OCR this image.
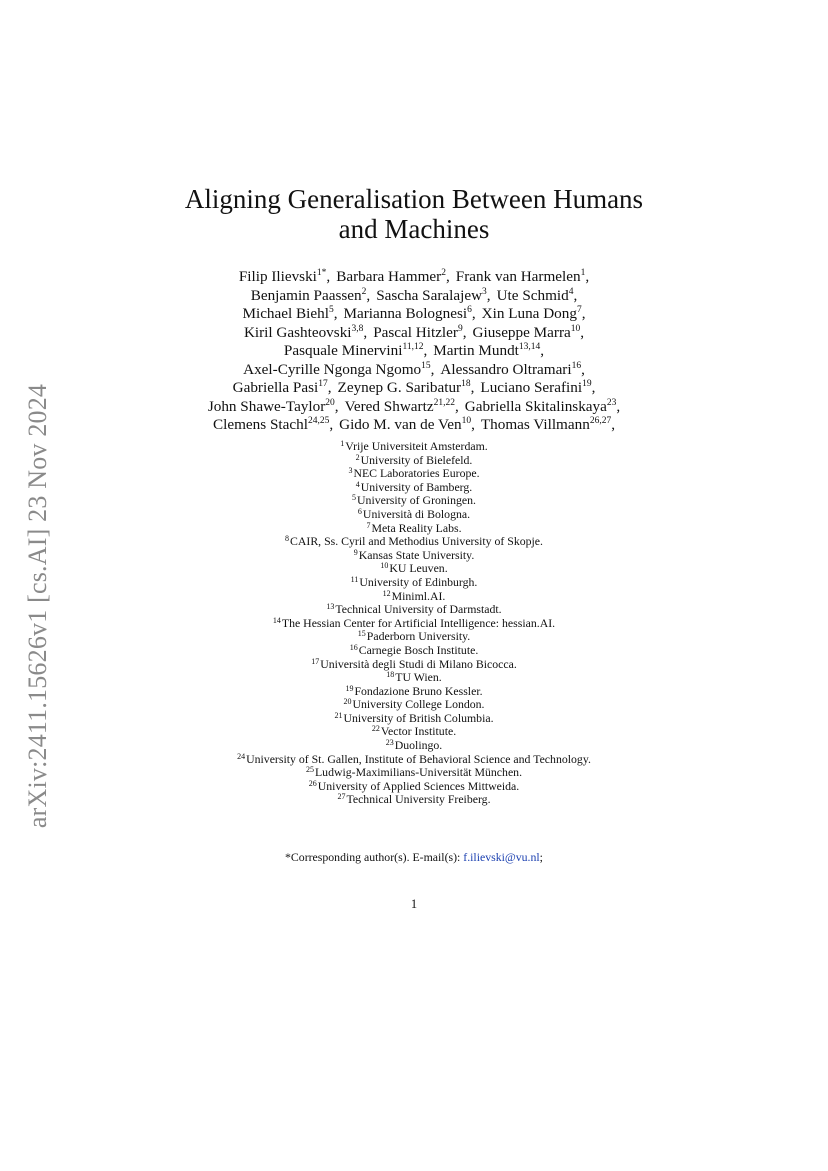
arXiv:2411.15626v1 [cs.AI] 23 Nov 2024
Aligning Generalisation Between Humans
and Machines
Filip Ilievski$^{1*}$, Barbara Hammer$^2$, Frank van Harmelen$^1$,
Benjamin Paassen$^2$, Sascha Saralajew$^3$, Ute Schmid$^4$,
Michael Biehl$^5$, Marianna Bolognesi$^6$, Xin Luna Dong$^7$,
Kiril Gashteovski$^{3,8}$, Pascal Hitzler$^9$, Giuseppe Marra$^{10}$,
Pasquale Minervini$^{11,12}$, Martin Mundt$^{13,14}$,
Axel-Cyrille Ngonga Ngomo$^{15}$, Alessandro Oltramari$^{16}$,
Gabriella Pasi$^{17}$, Zeynep G. Saribatur$^{18}$, Luciano Serafini$^{19}$,
John Shawe-Taylor$^{20}$, Vered Shwartz$^{21,22}$, Gabriella Skitalinskaya$^{23}$,
Clemens Stachl$^{24,25}$, Gido M. van de Ven$^{10}$, Thomas Villmann$^{26,27}$,
$^1$Vrije Universiteit Amsterdam.
$^2$University of Bielefeld.
$^3$NEC Laboratories Europe.
$^4$University of Bamberg.
$^5$University of Groningen.
$^6$Università di Bologna.
$^7$Meta Reality Labs.
$^8$CAIR, Ss. Cyril and Methodius University of Skopje.
$^9$Kansas State University.
$^{10}$KU Leuven.
$^{11}$University of Edinburgh.
$^{12}$Miniml.AI.
$^{13}$Technical University of Darmstadt.
$^{14}$The Hessian Center for Artificial Intelligence: hessian.AI.
$^{15}$Paderborn University.
$^{16}$Carnegie Bosch Institute.
$^{17}$Università degli Studi di Milano Bicocca.
$^{18}$TU Wien.
$^{19}$Fondazione Bruno Kessler.
$^{20}$University College London.
$^{21}$University of British Columbia.
$^{22}$Vector Institute.
$^{23}$Duolingo.
$^{24}$University of St. Gallen, Institute of Behavioral Science and Technology.
$^{25}$Ludwig-Maximilians-Universität München.
$^{26}$University of Applied Sciences Mittweida.
$^{27}$Technical University Freiberg.
*Corresponding author(s). E-mail(s): f.ilievski@vu.nl;
1
